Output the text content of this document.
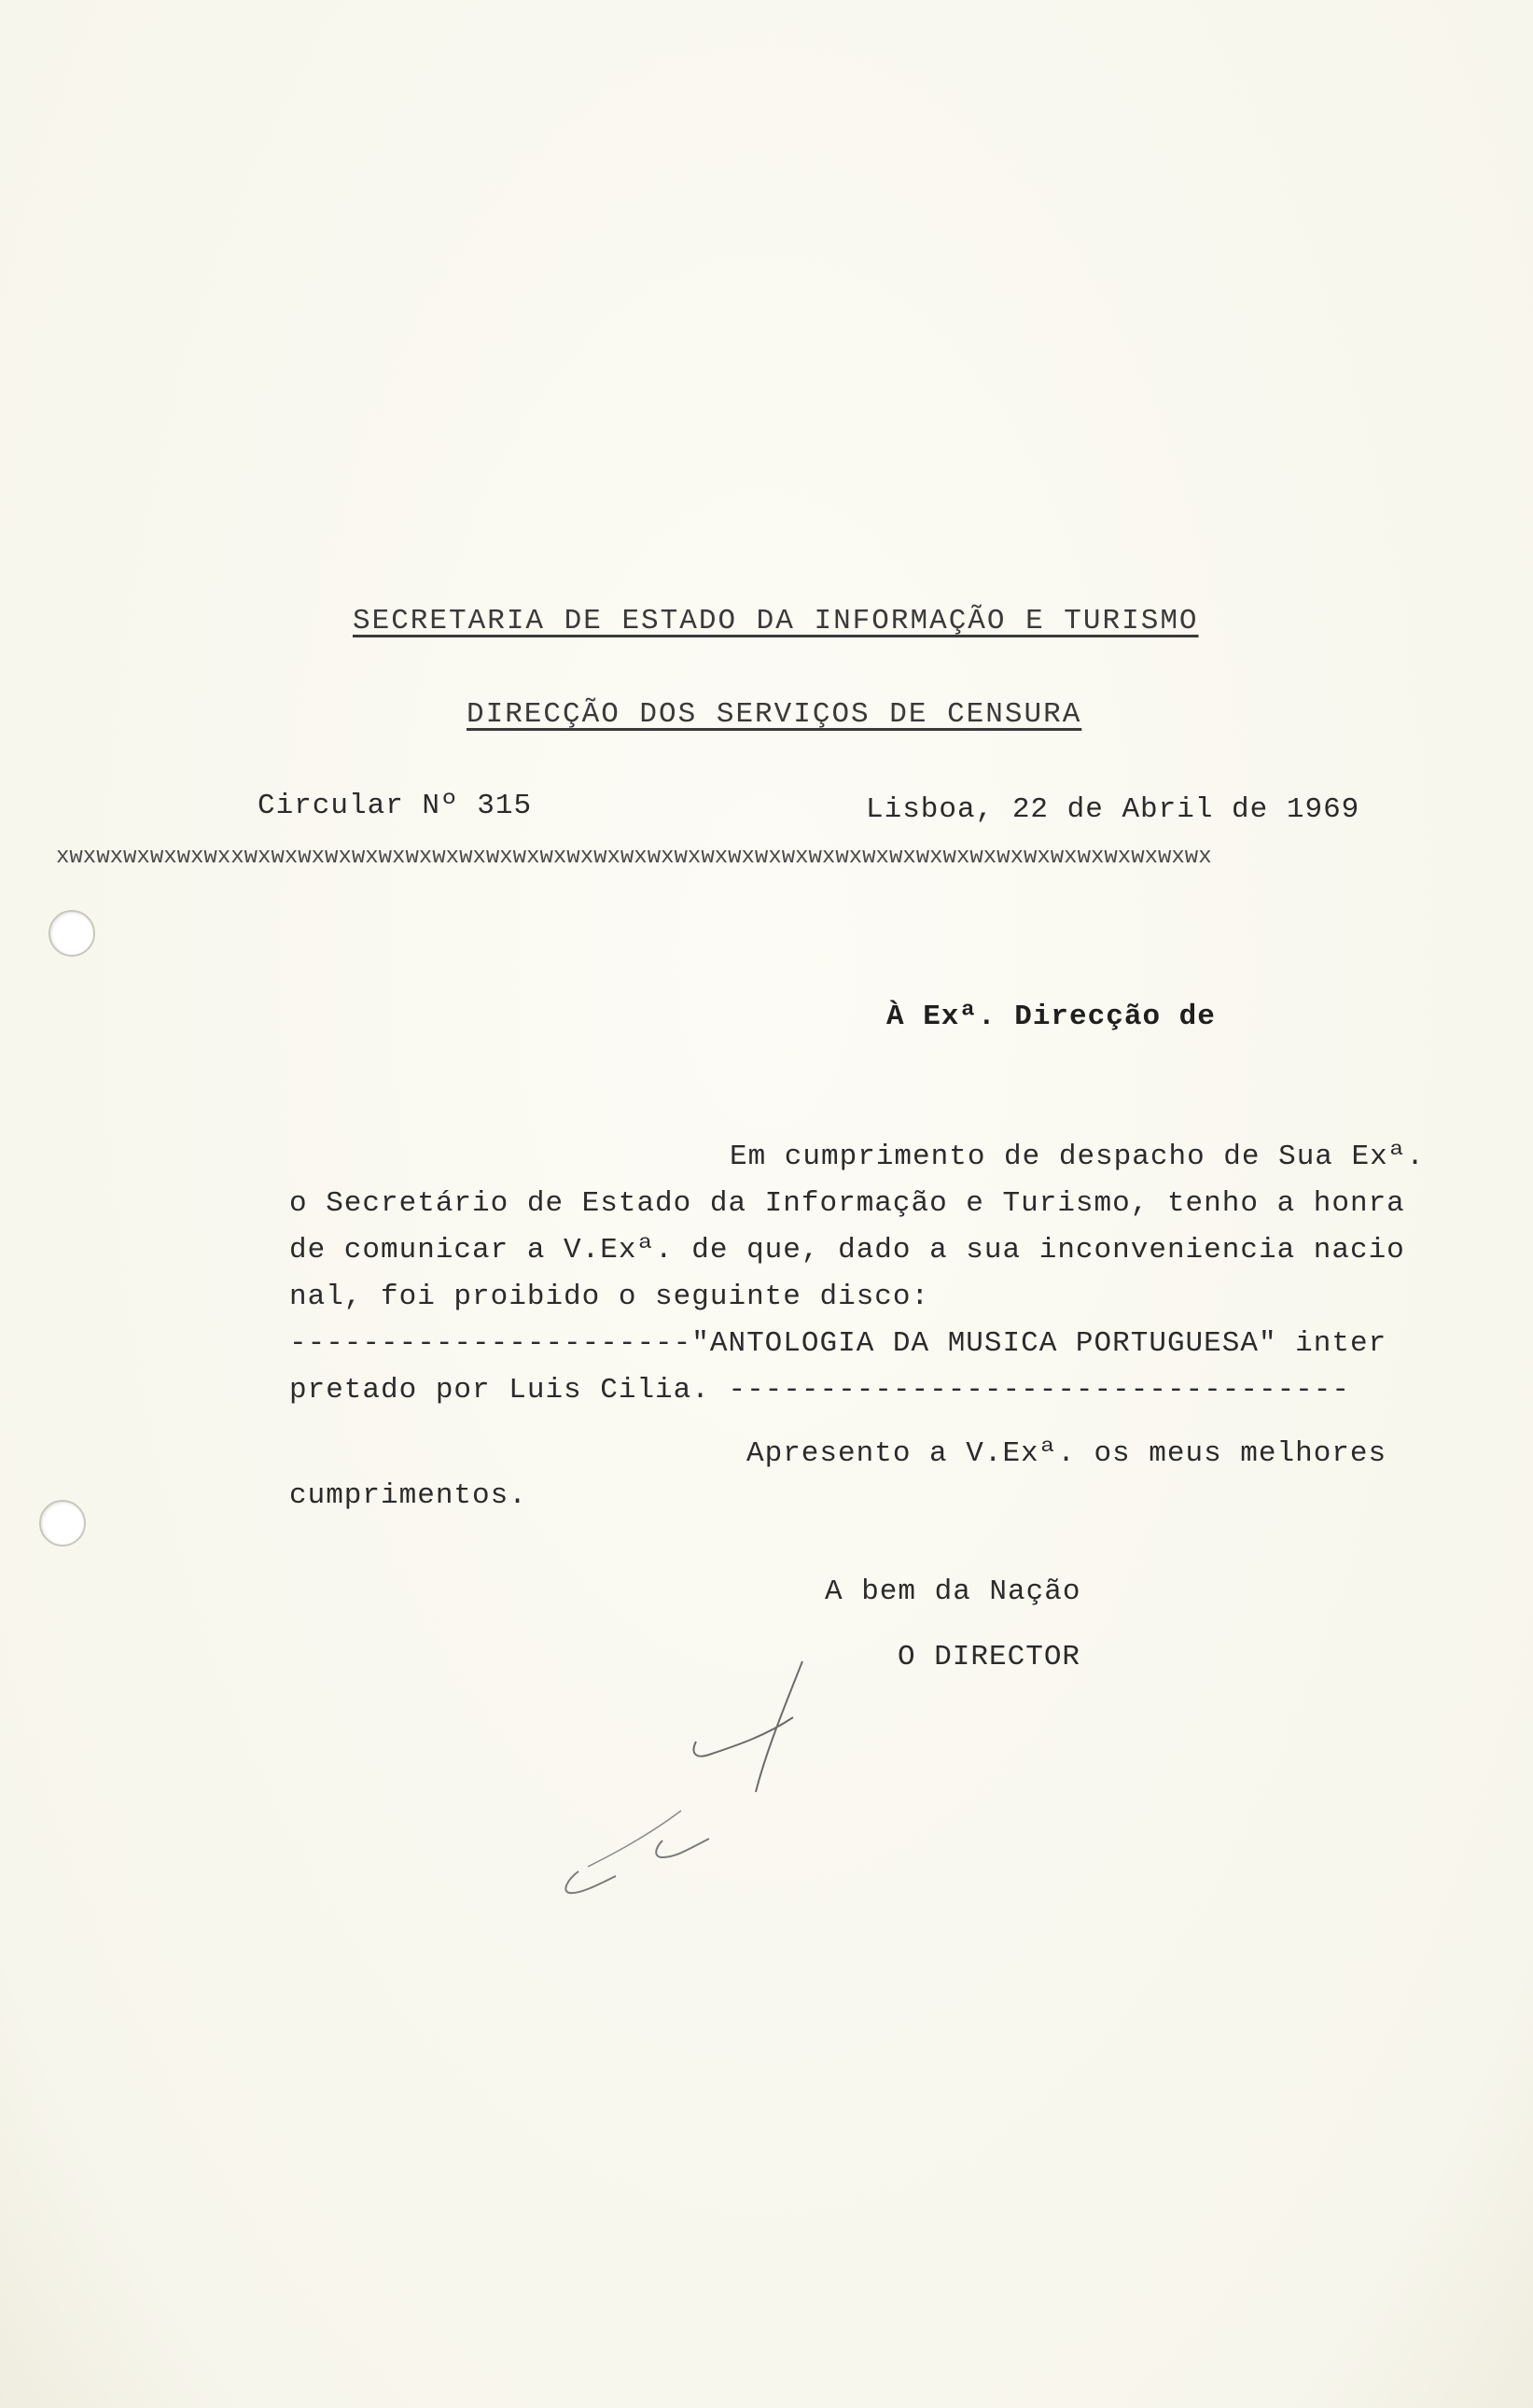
SECRETARIA DE ESTADO DA INFORMAÇÃO E TURISMO
DIRECÇÃO DOS SERVIÇOS DE CENSURA
Circular Nº 315	Lisboa, 22 de Abril de 1969
xwxwxwxwxwxwxxwxwxwxwxwxwxwxwxwxwxwxwxwxwxwxwxwxwxwxwxwxwxwxwxwxwxwxwxwxwxwxwxwxwxwxwx
À Exª. Direcção de
Em cumprimento de despacho de Sua Exª.
o Secretário de Estado da Informação e Turismo, tenho a honra
de comunicar a V.Exª. de que, dado a sua inconveniencia nacio
nal, foi proibido o seguinte disco:
----------------------"ANTOLOGIA DA MUSICA PORTUGUESA" inter
pretado por Luis Cilia. ----------------------------------
Apresento a V.Exª. os meus melhores
cumprimentos.
A bem da Nação
O DIRECTOR
